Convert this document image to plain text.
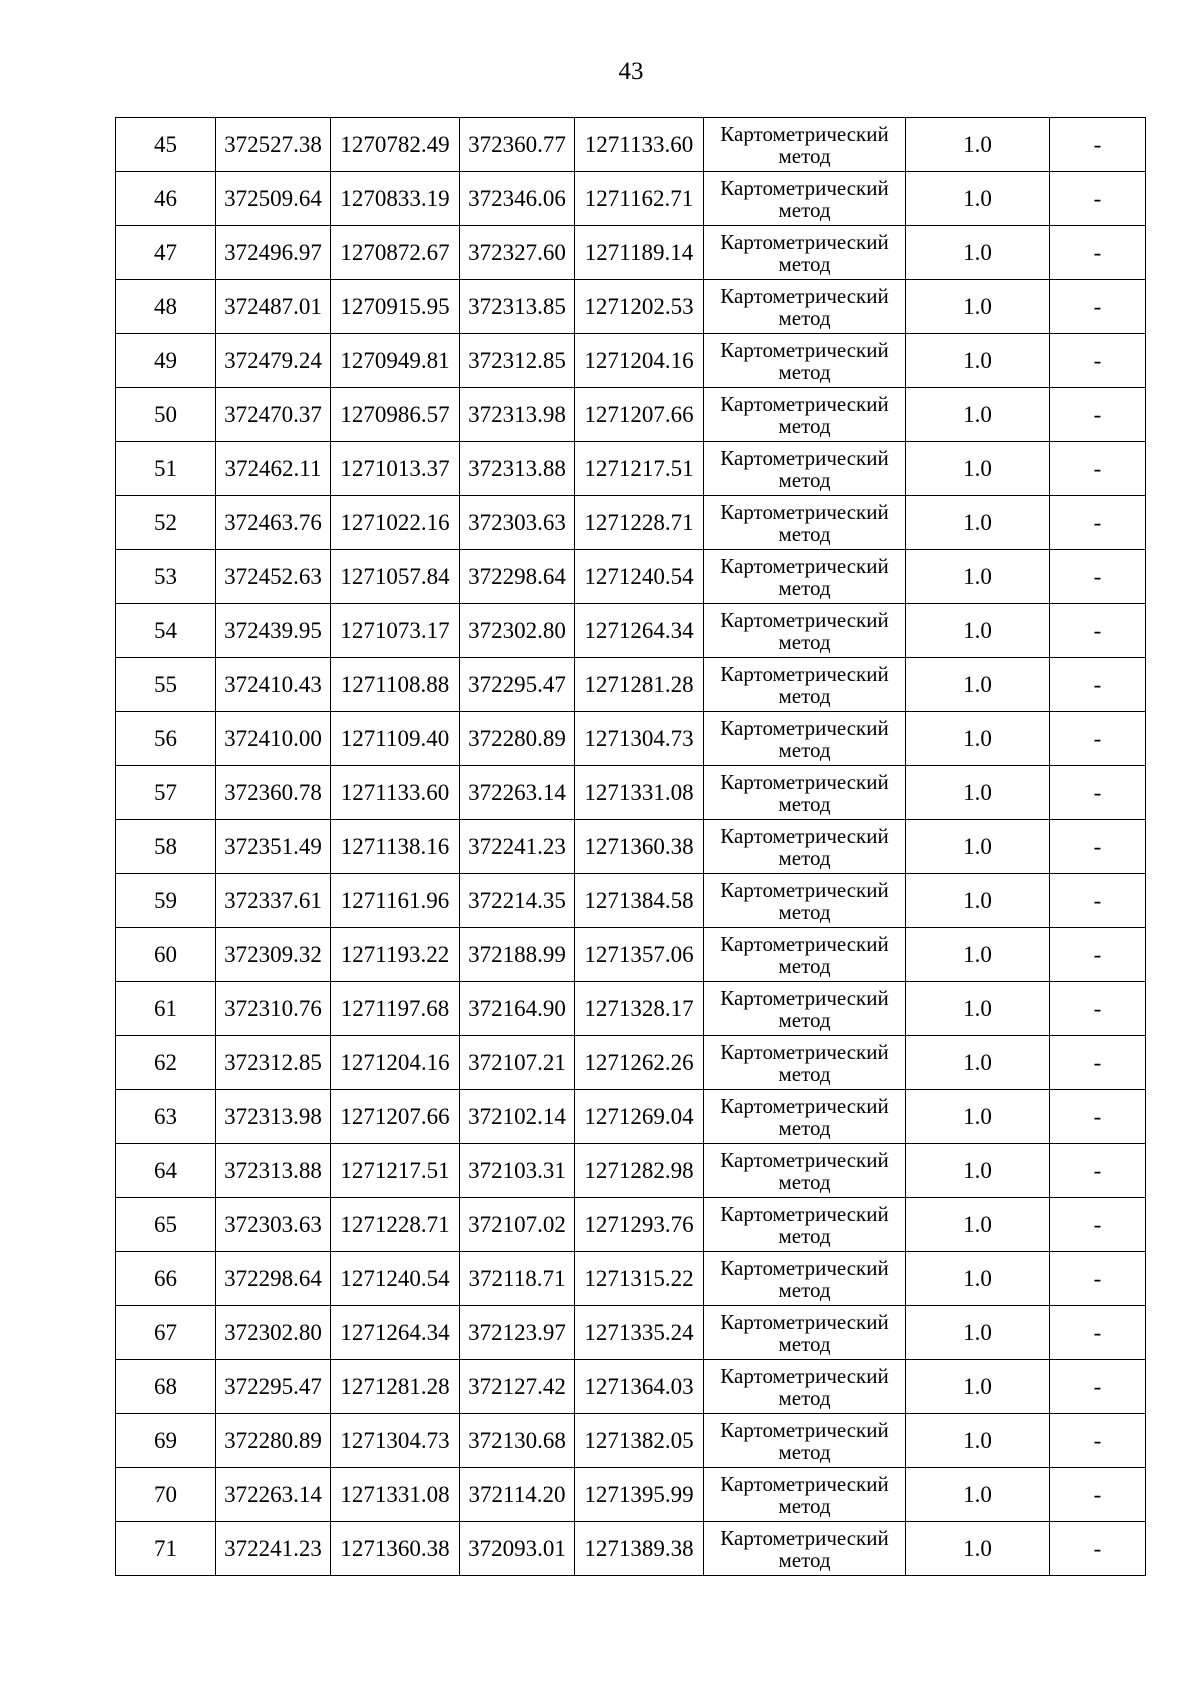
43
45	372527.38	1270782.49	372360.77	1271133.60	Картометрический
метод	1.0	-
46	372509.64	1270833.19	372346.06	1271162.71	Картометрический
метод	1.0	-
47	372496.97	1270872.67	372327.60	1271189.14	Картометрический
метод	1.0	-
48	372487.01	1270915.95	372313.85	1271202.53	Картометрический
метод	1.0	-
49	372479.24	1270949.81	372312.85	1271204.16	Картометрический
метод	1.0	-
50	372470.37	1270986.57	372313.98	1271207.66	Картометрический
метод	1.0	-
51	372462.11	1271013.37	372313.88	1271217.51	Картометрический
метод	1.0	-
52	372463.76	1271022.16	372303.63	1271228.71	Картометрический
метод	1.0	-
53	372452.63	1271057.84	372298.64	1271240.54	Картометрический
метод	1.0	-
54	372439.95	1271073.17	372302.80	1271264.34	Картометрический
метод	1.0	-
55	372410.43	1271108.88	372295.47	1271281.28	Картометрический
метод	1.0	-
56	372410.00	1271109.40	372280.89	1271304.73	Картометрический
метод	1.0	-
57	372360.78	1271133.60	372263.14	1271331.08	Картометрический
метод	1.0	-
58	372351.49	1271138.16	372241.23	1271360.38	Картометрический
метод	1.0	-
59	372337.61	1271161.96	372214.35	1271384.58	Картометрический
метод	1.0	-
60	372309.32	1271193.22	372188.99	1271357.06	Картометрический
метод	1.0	-
61	372310.76	1271197.68	372164.90	1271328.17	Картометрический
метод	1.0	-
62	372312.85	1271204.16	372107.21	1271262.26	Картометрический
метод	1.0	-
63	372313.98	1271207.66	372102.14	1271269.04	Картометрический
метод	1.0	-
64	372313.88	1271217.51	372103.31	1271282.98	Картометрический
метод	1.0	-
65	372303.63	1271228.71	372107.02	1271293.76	Картометрический
метод	1.0	-
66	372298.64	1271240.54	372118.71	1271315.22	Картометрический
метод	1.0	-
67	372302.80	1271264.34	372123.97	1271335.24	Картометрический
метод	1.0	-
68	372295.47	1271281.28	372127.42	1271364.03	Картометрический
метод	1.0	-
69	372280.89	1271304.73	372130.68	1271382.05	Картометрический
метод	1.0	-
70	372263.14	1271331.08	372114.20	1271395.99	Картометрический
метод	1.0	-
71	372241.23	1271360.38	372093.01	1271389.38	Картометрический
метод	1.0	-
